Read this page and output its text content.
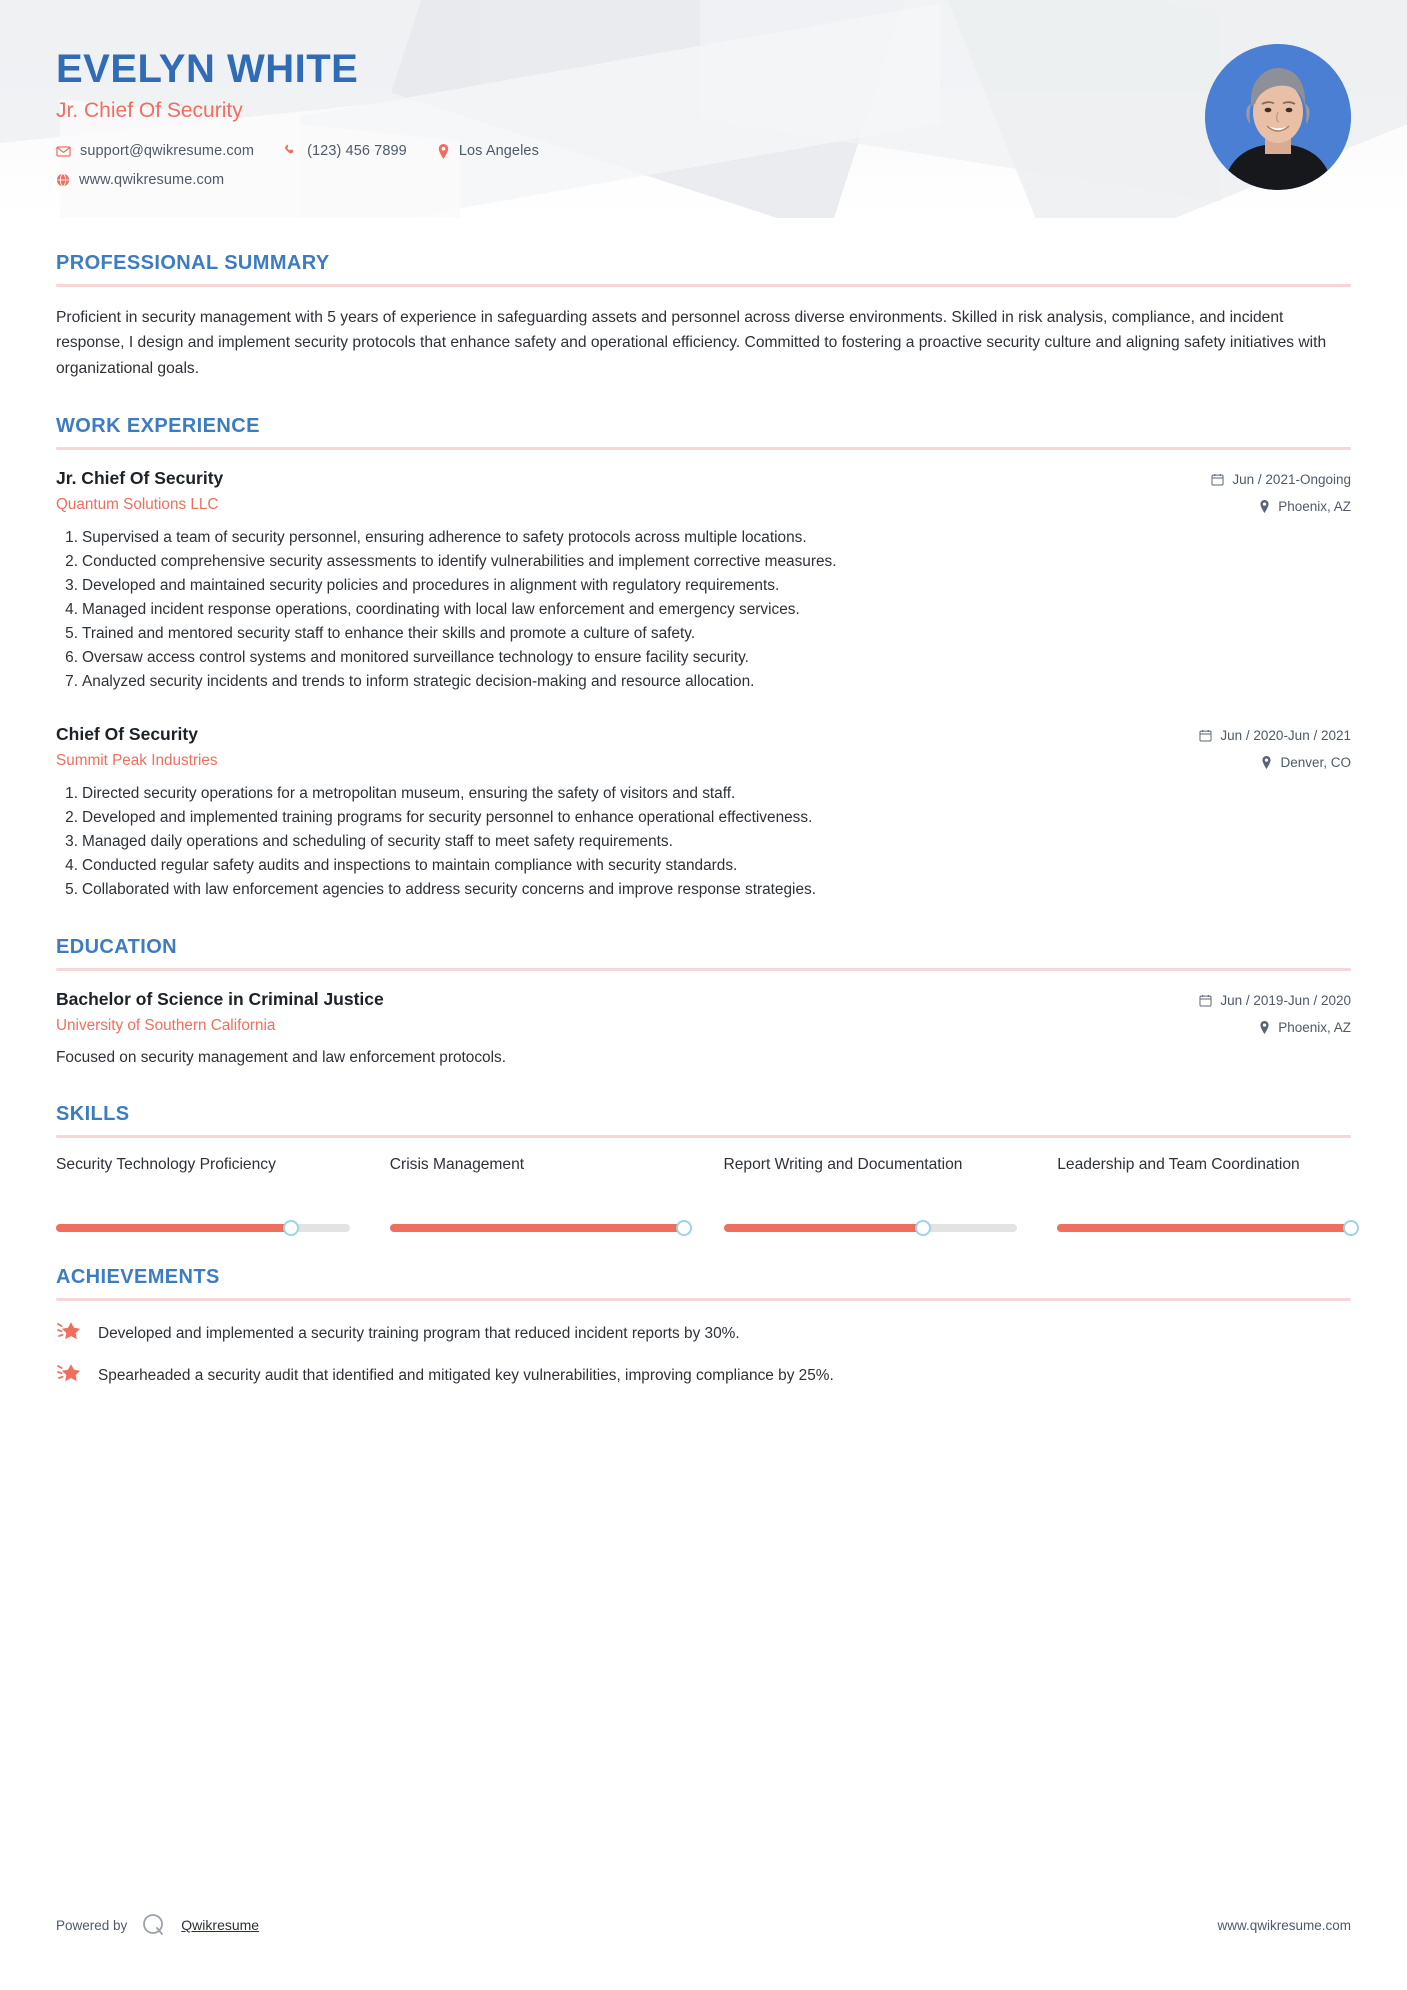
EVELYN WHITE
Jr. Chief Of Security
support@qwikresume.com	(123) 456 7899	Los Angeles
www.qwikresume.com
PROFESSIONAL SUMMARY
Proficient in security management with 5 years of experience in safeguarding assets and personnel across diverse environments. Skilled in risk analysis, compliance, and incident response, I design and implement security protocols that enhance safety and operational efficiency. Committed to fostering a proactive security culture and aligning safety initiatives with organizational goals.
WORK EXPERIENCE
Jr. Chief Of Security
Quantum Solutions LLC
Jun / 2021-Ongoing
Phoenix, AZ
1. Supervised a team of security personnel, ensuring adherence to safety protocols across multiple locations.
2. Conducted comprehensive security assessments to identify vulnerabilities and implement corrective measures.
3. Developed and maintained security policies and procedures in alignment with regulatory requirements.
4. Managed incident response operations, coordinating with local law enforcement and emergency services.
5. Trained and mentored security staff to enhance their skills and promote a culture of safety.
6. Oversaw access control systems and monitored surveillance technology to ensure facility security.
7. Analyzed security incidents and trends to inform strategic decision-making and resource allocation.
Chief Of Security
Summit Peak Industries
Jun / 2020-Jun / 2021
Denver, CO
1. Directed security operations for a metropolitan museum, ensuring the safety of visitors and staff.
2. Developed and implemented training programs for security personnel to enhance operational effectiveness.
3. Managed daily operations and scheduling of security staff to meet safety requirements.
4. Conducted regular safety audits and inspections to maintain compliance with security standards.
5. Collaborated with law enforcement agencies to address security concerns and improve response strategies.
EDUCATION
Bachelor of Science in Criminal Justice
University of Southern California
Jun / 2019-Jun / 2020
Phoenix, AZ
Focused on security management and law enforcement protocols.
SKILLS
Security Technology Proficiency	Crisis Management	Report Writing and Documentation	Leadership and Team Coordination
ACHIEVEMENTS
Developed and implemented a security training program that reduced incident reports by 30%.
Spearheaded a security audit that identified and mitigated key vulnerabilities, improving compliance by 25%.
Powered by	Qwikresume	www.qwikresume.com
